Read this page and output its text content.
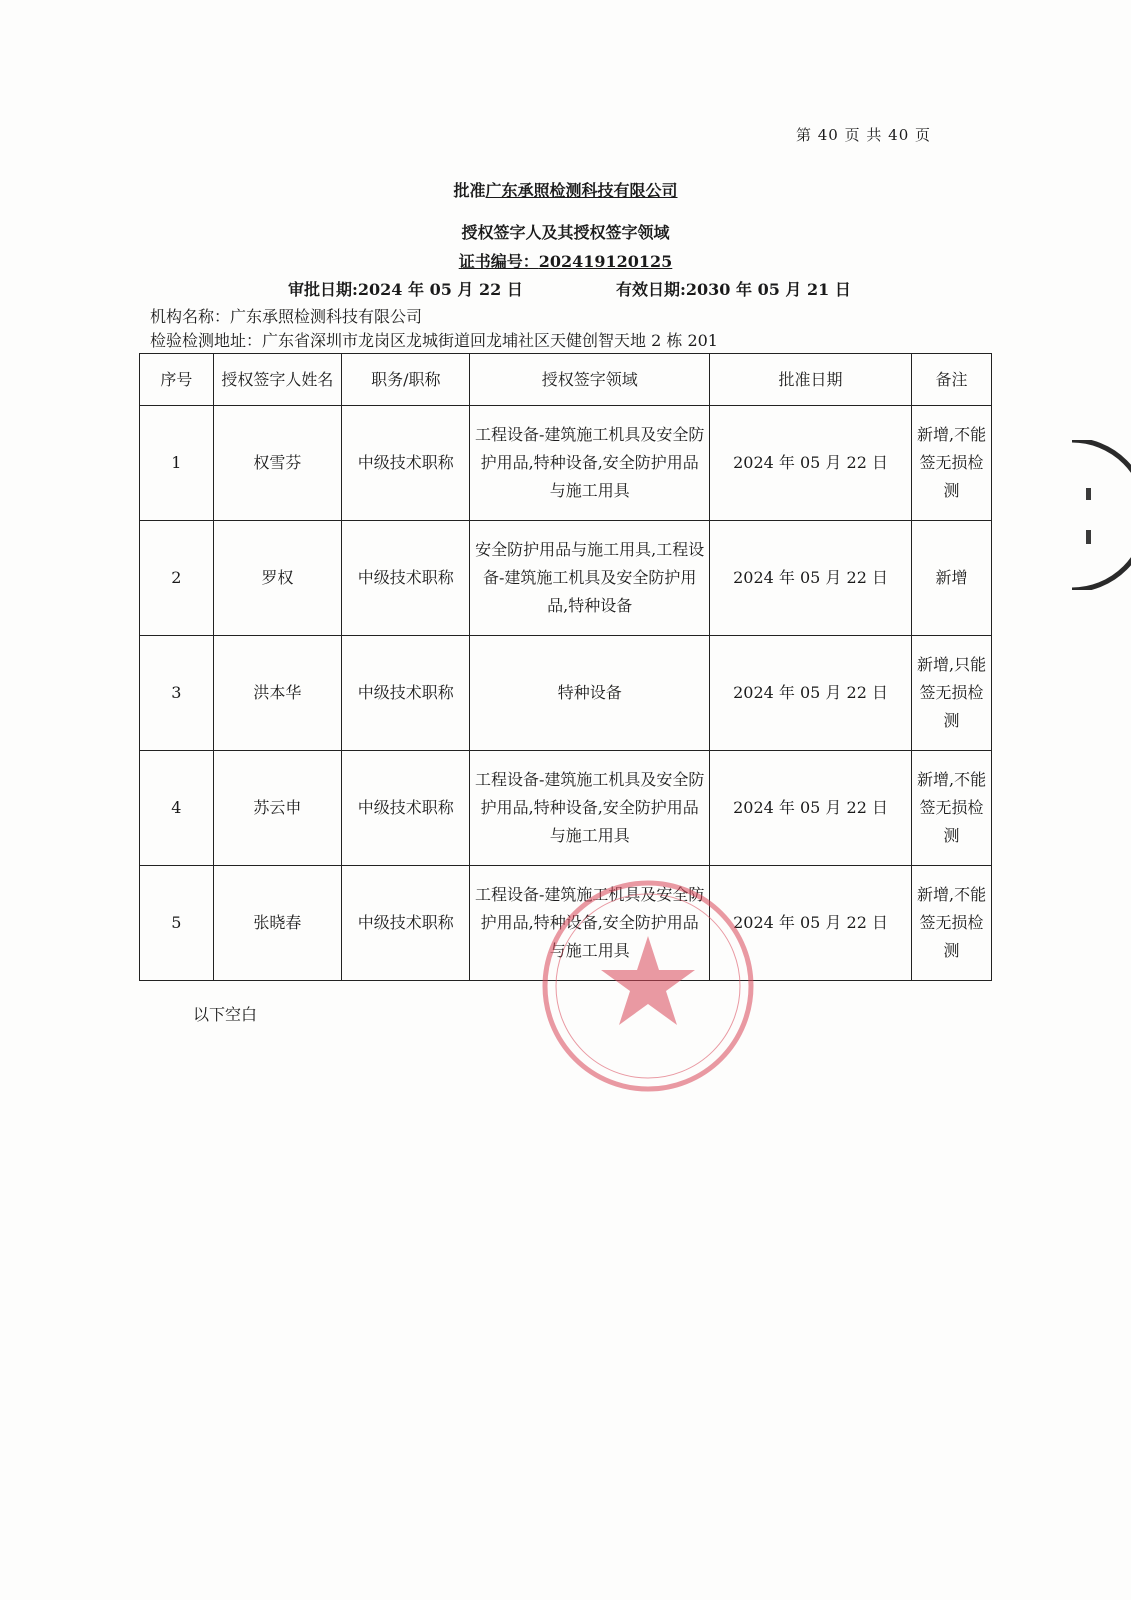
第 40 页 共 40 页
批准广东承照检测科技有限公司
授权签字人及其授权签字领域
证书编号：202419120125
审批日期:2024 年 05 月 22 日	有效日期:2030 年 05 月 21 日
机构名称：广东承照检测科技有限公司
检验检测地址：广东省深圳市龙岗区龙城街道回龙埔社区天健创智天地 2 栋 201
序号	授权签字人姓名	职务/职称	授权签字领域	批准日期	备注
1	权雪芬	中级技术职称	工程设备-建筑施工机具及安全防护用品,特种设备,安全防护用品与施工用具	2024 年 05 月 22 日	新增,不能签无损检测
2	罗权	中级技术职称	安全防护用品与施工用具,工程设备-建筑施工机具及安全防护用品,特种设备	2024 年 05 月 22 日	新增
3	洪本华	中级技术职称	特种设备	2024 年 05 月 22 日	新增,只能签无损检测
4	苏云申	中级技术职称	工程设备-建筑施工机具及安全防护用品,特种设备,安全防护用品与施工用具	2024 年 05 月 22 日	新增,不能签无损检测
5	张晓春	中级技术职称	工程设备-建筑施工机具及安全防护用品,特种设备,安全防护用品与施工用具	2024 年 05 月 22 日	新增,不能签无损检测
以下空白
